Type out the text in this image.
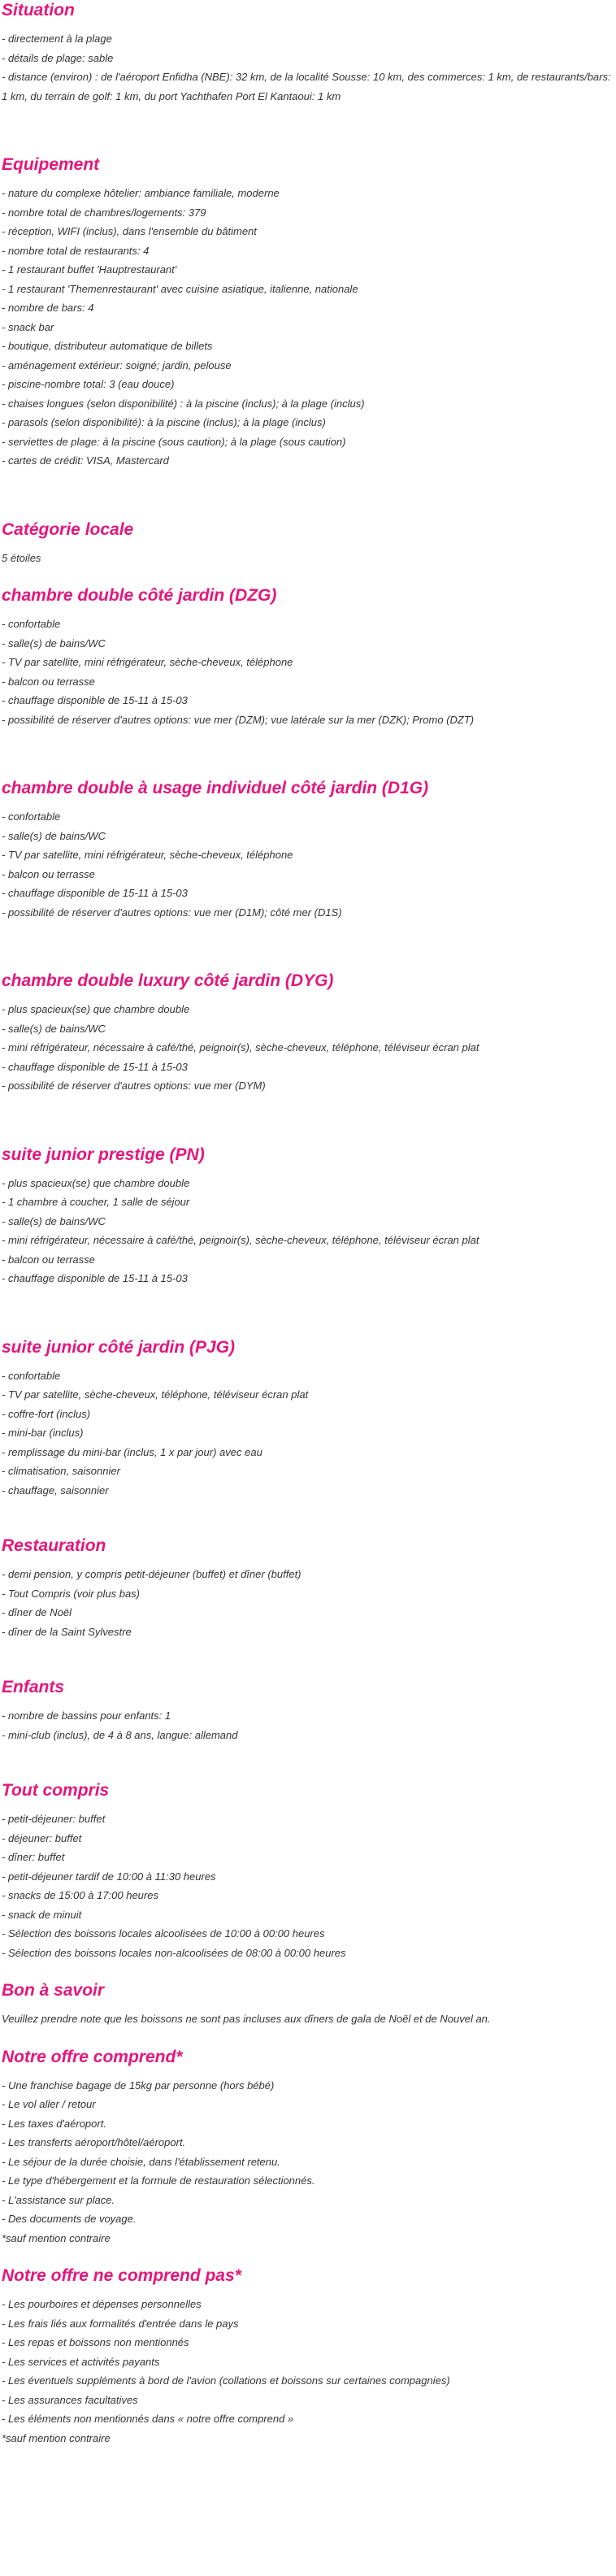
Situation
- directement à la plage
- détails de plage: sable
- distance (environ) : de l'aéroport Enfidha (NBE): 32 km, de la localité Sousse: 10 km, des commerces: 1 km, de restaurants/bars: 1 km, du terrain de golf: 1 km, du port Yachthafen Port El Kantaoui: 1 km
Equipement
- nature du complexe hôtelier: ambiance familiale, moderne
- nombre total de chambres/logements: 379
- réception, WIFI (inclus), dans l'ensemble du bâtiment
- nombre total de restaurants: 4
- 1 restaurant buffet 'Hauptrestaurant'
- 1 restaurant 'Themenrestaurant' avec cuisine asiatique, italienne, nationale
- nombre de bars: 4
- snack bar
- boutique, distributeur automatique de billets
- aménagement extérieur: soigné; jardin, pelouse
- piscine-nombre total: 3 (eau douce)
- chaises longues (selon disponibilité) : à la piscine (inclus); à la plage (inclus)
- parasols (selon disponibilité): à la piscine (inclus); à la plage (inclus)
- serviettes de plage: à la piscine (sous caution); à la plage (sous caution)
- cartes de crédit: VISA, Mastercard
Catégorie locale
5 étoiles
chambre double côté jardin (DZG)
- confortable
- salle(s) de bains/WC
- TV par satellite, mini réfrigérateur, sèche-cheveux, téléphone
- balcon ou terrasse
- chauffage disponible de 15-11 à 15-03
- possibilité de réserver d'autres options: vue mer (DZM); vue latérale sur la mer (DZK); Promo (DZT)
chambre double à usage individuel côté jardin (D1G)
- confortable
- salle(s) de bains/WC
- TV par satellite, mini réfrigérateur, sèche-cheveux, téléphone
- balcon ou terrasse
- chauffage disponible de 15-11 à 15-03
- possibilité de réserver d'autres options: vue mer (D1M); côté mer (D1S)
chambre double luxury côté jardin (DYG)
- plus spacieux(se) que chambre double
- salle(s) de bains/WC
- mini réfrigérateur, nécessaire à café/thé, peignoir(s), sèche-cheveux, téléphone, téléviseur écran plat
- chauffage disponible de 15-11 à 15-03
- possibilité de réserver d'autres options: vue mer (DYM)
suite junior prestige (PN)
- plus spacieux(se) que chambre double
- 1 chambre à coucher, 1 salle de séjour
- salle(s) de bains/WC
- mini réfrigérateur, nécessaire à café/thé, peignoir(s), sèche-cheveux, téléphone, téléviseur écran plat
- balcon ou terrasse
- chauffage disponible de 15-11 à 15-03
suite junior côté jardin (PJG)
- confortable
- TV par satellite, sèche-cheveux, téléphone, téléviseur écran plat
- coffre-fort (inclus)
- mini-bar (inclus)
- remplissage du mini-bar (inclus, 1 x par jour) avec eau
- climatisation, saisonnier
- chauffage, saisonnier
Restauration
- demi pension, y compris petit-déjeuner (buffet) et dîner (buffet)
- Tout Compris (voir plus bas)
- dîner de Noël
- dîner de la Saint Sylvestre
Enfants
- nombre de bassins pour enfants: 1
- mini-club (inclus), de 4 à 8 ans, langue: allemand
Tout compris
- petit-déjeuner: buffet
- déjeuner: buffet
- dîner: buffet
- petit-déjeuner tardif de 10:00 à 11:30 heures
- snacks de 15:00 à 17:00 heures
- snack de minuit
- Sélection des boissons locales alcoolisées de 10:00 à 00:00 heures
- Sélection des boissons locales non-alcoolisées de 08:00 à 00:00 heures
Bon à savoir
Veuillez prendre note que les boissons ne sont pas incluses aux dîners de gala de Noël et de Nouvel an.
Notre offre comprend*
- Une franchise bagage de 15kg par personne (hors bébé)
- Le vol aller / retour
- Les taxes d'aéroport.
- Les transferts aéroport/hôtel/aéroport.
- Le séjour de la durée choisie, dans l'établissement retenu.
- Le type d'hébergement et la formule de restauration sélectionnés.
- L'assistance sur place.
- Des documents de voyage.
*sauf mention contraire
Notre offre ne comprend pas*
- Les pourboires et dépenses personnelles
- Les frais liés aux formalités d'entrée dans le pays
- Les repas et boissons non mentionnés
- Les services et activités payants
- Les éventuels suppléments à bord de l'avion (collations et boissons sur certaines compagnies)
- Les assurances facultatives
- Les éléments non mentionnés dans « notre offre comprend »
*sauf mention contraire
